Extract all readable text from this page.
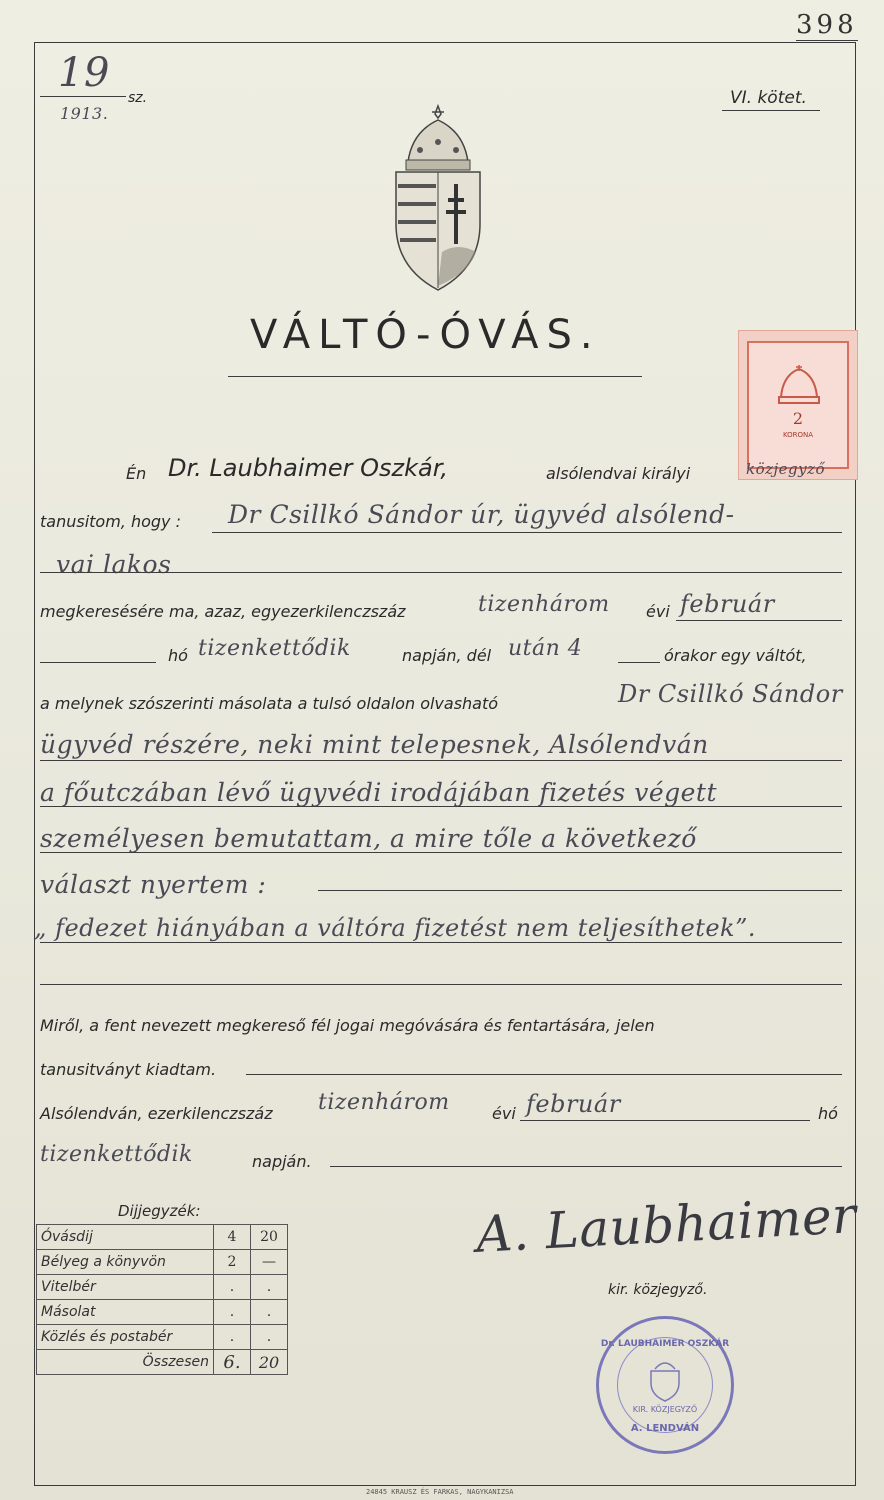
398
19
sz.
1913.
VI. kötet.
VÁLTÓ-ÓVÁS.
2
KORONA
Én Dr. Laubhaimer Oszkár,	alsólendvai királyi	közjegyző
tanusitom, hogy : Dr Csillkó Sándor úr, ügyvéd alsólend-
vai lakos
megkeresésére ma, azaz, egyezerkilenczszáz	tizenhárom évi február
hó tizenkettődik	napján, dél után 4	órakor egy váltót,
a melynek szószerinti másolata a tulsó oldalon olvasható	Dr Csillkó Sándor
ügyvéd részére, neki mint telepesnek, Alsólendván
a főutczában lévő ügyvédi irodájában fizetés végett
személyesen bemutattam, a mire tőle a következő
választ nyertem :
„ fedezet hiányában a váltóra fizetést nem teljesíthetek”.
Miről, a fent nevezett megkereső fél jogai megóvására és fentartására, jelen
tanusitványt kiadtam.
Alsólendván, ezerkilenczszáz tizenhárom	évi február	hó
tizenkettődik	napján.
A. Laubhaimer
kir. közjegyző.
Dijjegyzék:
Óvásdij	4	20
Bélyeg a könyvön	2	—
Vitelbér	.	.
Másolat	.	.
Közlés és postabér	.	.
Összesen	6.	20
Dr. LAUBHAIMER OSZKÁR
KIR. KÖZJEGYZŐ
A. LENDVÁN
24845 KRAUSZ ÉS FARKAS, NAGYKANIZSA
